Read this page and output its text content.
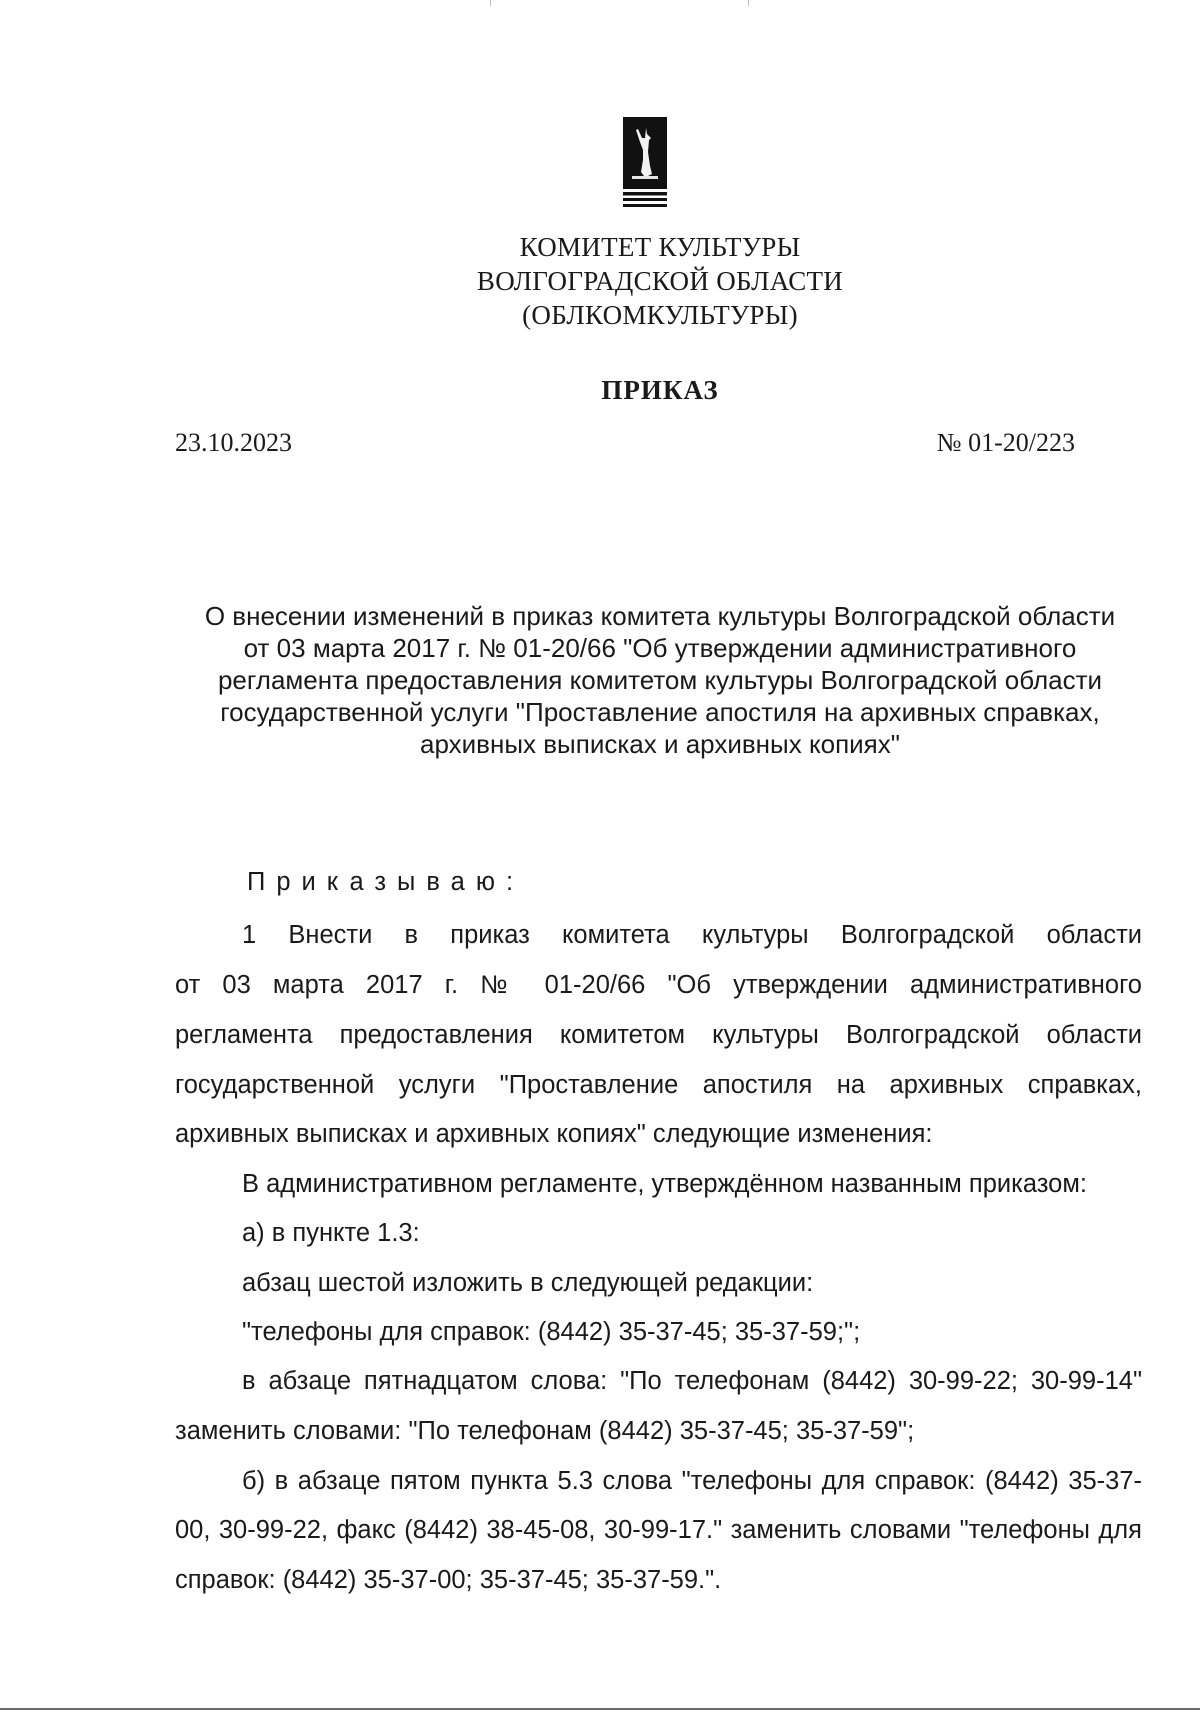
КОМИТЕТ КУЛЬТУРЫ
ВОЛГОГРАДСКОЙ ОБЛАСТИ
(ОБЛКОМКУЛЬТУРЫ)
ПРИКАЗ
23.10.2023	№ 01-20/223
О внесении изменений в приказ комитета культуры Волгоградской области
от 03 марта 2017 г. № 01-20/66 "Об утверждении административного
регламента предоставления комитетом культуры Волгоградской области
государственной услуги "Проставление апостиля на архивных справках,
архивных выписках и архивных копиях"
Приказываю:
1 Внести в приказ комитета культуры Волгоградской области
от 03 марта 2017 г. № 01-20/66 "Об утверждении административного
регламента предоставления комитетом культуры Волгоградской области
государственной услуги "Проставление апостиля на архивных справках,
архивных выписках и архивных копиях" следующие изменения:
В административном регламенте, утверждённом названным приказом:
а) в пункте 1.3:
абзац шестой изложить в следующей редакции:
"телефоны для справок: (8442) 35-37-45; 35-37-59;";
в абзаце пятнадцатом слова: "По телефонам (8442) 30-99-22; 30-99-14"
заменить словами: "По телефонам (8442) 35-37-45; 35-37-59";
б) в абзаце пятом пункта 5.3 слова "телефоны для справок: (8442) 35-37-
00, 30-99-22, факс (8442) 38-45-08, 30-99-17." заменить словами "телефоны для
справок: (8442) 35-37-00; 35-37-45; 35-37-59.".
